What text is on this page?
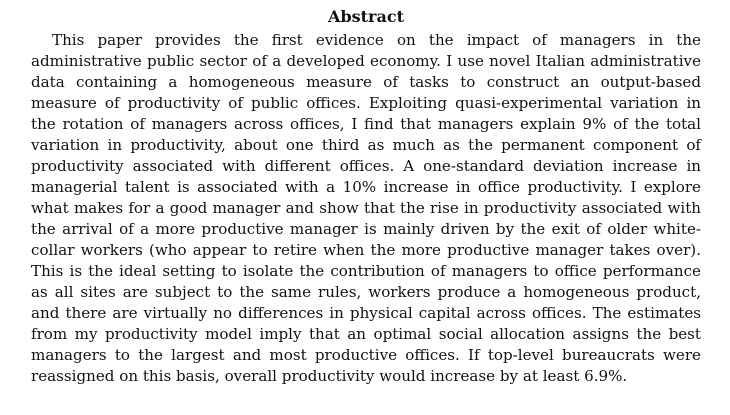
Abstract

This paper provides the first evidence on the impact of managers in the administrative public sector of a developed economy. I use novel Italian administrative data containing a homogeneous measure of tasks to construct an output-based measure of productivity of public offices. Exploiting quasi-experimental variation in the rotation of managers across offices, I find that managers explain 9% of the total variation in productivity, about one third as much as the permanent component of productivity associated with different offices. A one-standard deviation increase in managerial talent is associated with a 10% increase in office productivity. I explore what makes for a good manager and show that the rise in productivity associated with the arrival of a more productive manager is mainly driven by the exit of older white-collar workers (who appear to retire when the more productive manager takes over). This is the ideal setting to isolate the contribution of managers to office performance as all sites are subject to the same rules, workers produce a homogeneous product, and there are virtually no differences in physical capital across offices. The estimates from my productivity model imply that an optimal social allocation assigns the best managers to the largest and most productive offices. If top-level bureaucrats were reassigned on this basis, overall productivity would increase by at least 6.9%.
